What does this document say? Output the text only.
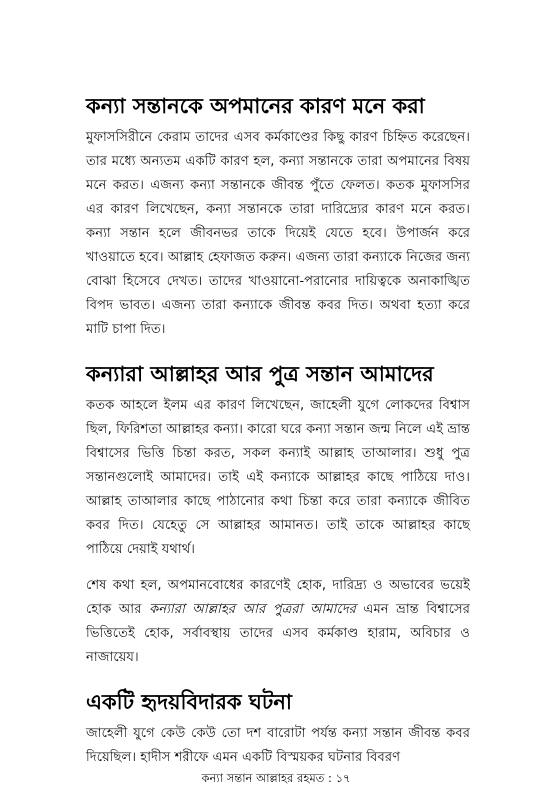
কন্যা সন্তানকে অপমানের কারণ মনে করা

মুফাসসিরীনে কেরাম তাদের এসব কর্মকাণ্ডের কিছু কারণ চিহ্নিত করেছেন। তার মধ্যে অন্যতম একটি কারণ হল, কন্যা সন্তানকে তারা অপমানের বিষয় মনে করত। এজন্য কন্যা সন্তানকে জীবন্ত পুঁতে ফেলত। কতক মুফাসসির এর কারণ লিখেছেন, কন্যা সন্তানকে তারা দারিদ্র্যের কারণ মনে করত। কন্যা সন্তান হলে জীবনভর তাকে দিয়েই যেতে হবে। উপার্জন করে খাওয়াতে হবে। আল্লাহ হেফাজত করুন। এজন্য তারা কন্যাকে নিজের জন্য বোঝা হিসেবে দেখত। তাদের খাওয়ানো-পরানোর দায়িত্বকে অনাকাঙ্খিত বিপদ ভাবত। এজন্য তারা কন্যাকে জীবন্ত কবর দিত। অথবা হত্যা করে মাটি চাপা দিত।

কন্যারা আল্লাহর আর পুত্র সন্তান আমাদের

কতক আহলে ইলম এর কারণ লিখেছেন, জাহেলী যুগে লোকদের বিশ্বাস ছিল, ফিরিশতা আল্লাহর কন্যা। কারো ঘরে কন্যা সন্তান জন্ম নিলে এই ভ্রান্ত বিশ্বাসের ভিত্তি চিন্তা করত, সকল কন্যাই আল্লাহ তাআলার। শুধু পুত্র সন্তানগুলোই আমাদের। তাই এই কন্যাকে আল্লাহর কাছে পাঠিয়ে দাও। আল্লাহ তাআলার কাছে পাঠানোর কথা চিন্তা করে তারা কন্যাকে জীবিত কবর দিত। যেহেতু সে আল্লাহর আমানত। তাই তাকে আল্লাহর কাছে পাঠিয়ে দেয়াই যথার্থ।

শেষ কথা হল, অপমানবোধের কারণেই হোক, দারিদ্র্য ও অভাবের ভয়েই হোক আর কন্যারা আল্লাহর আর পুত্ররা আমাদের এমন ভ্রান্ত বিশ্বাসের ভিত্তিতেই হোক, সর্বাবস্থায় তাদের এসব কর্মকাণ্ড হারাম, অবিচার ও নাজায়েয।

একটি হৃদয়বিদারক ঘটনা

জাহেলী যুগে কেউ কেউ তো দশ বারোটা পর্যন্ত কন্যা সন্তান জীবন্ত কবর দিয়েছিল। হাদীস শরীফে এমন একটি বিস্ময়কর ঘটনার বিবরণ

কন্যা সন্তান আল্লাহর রহমত : ১৭
